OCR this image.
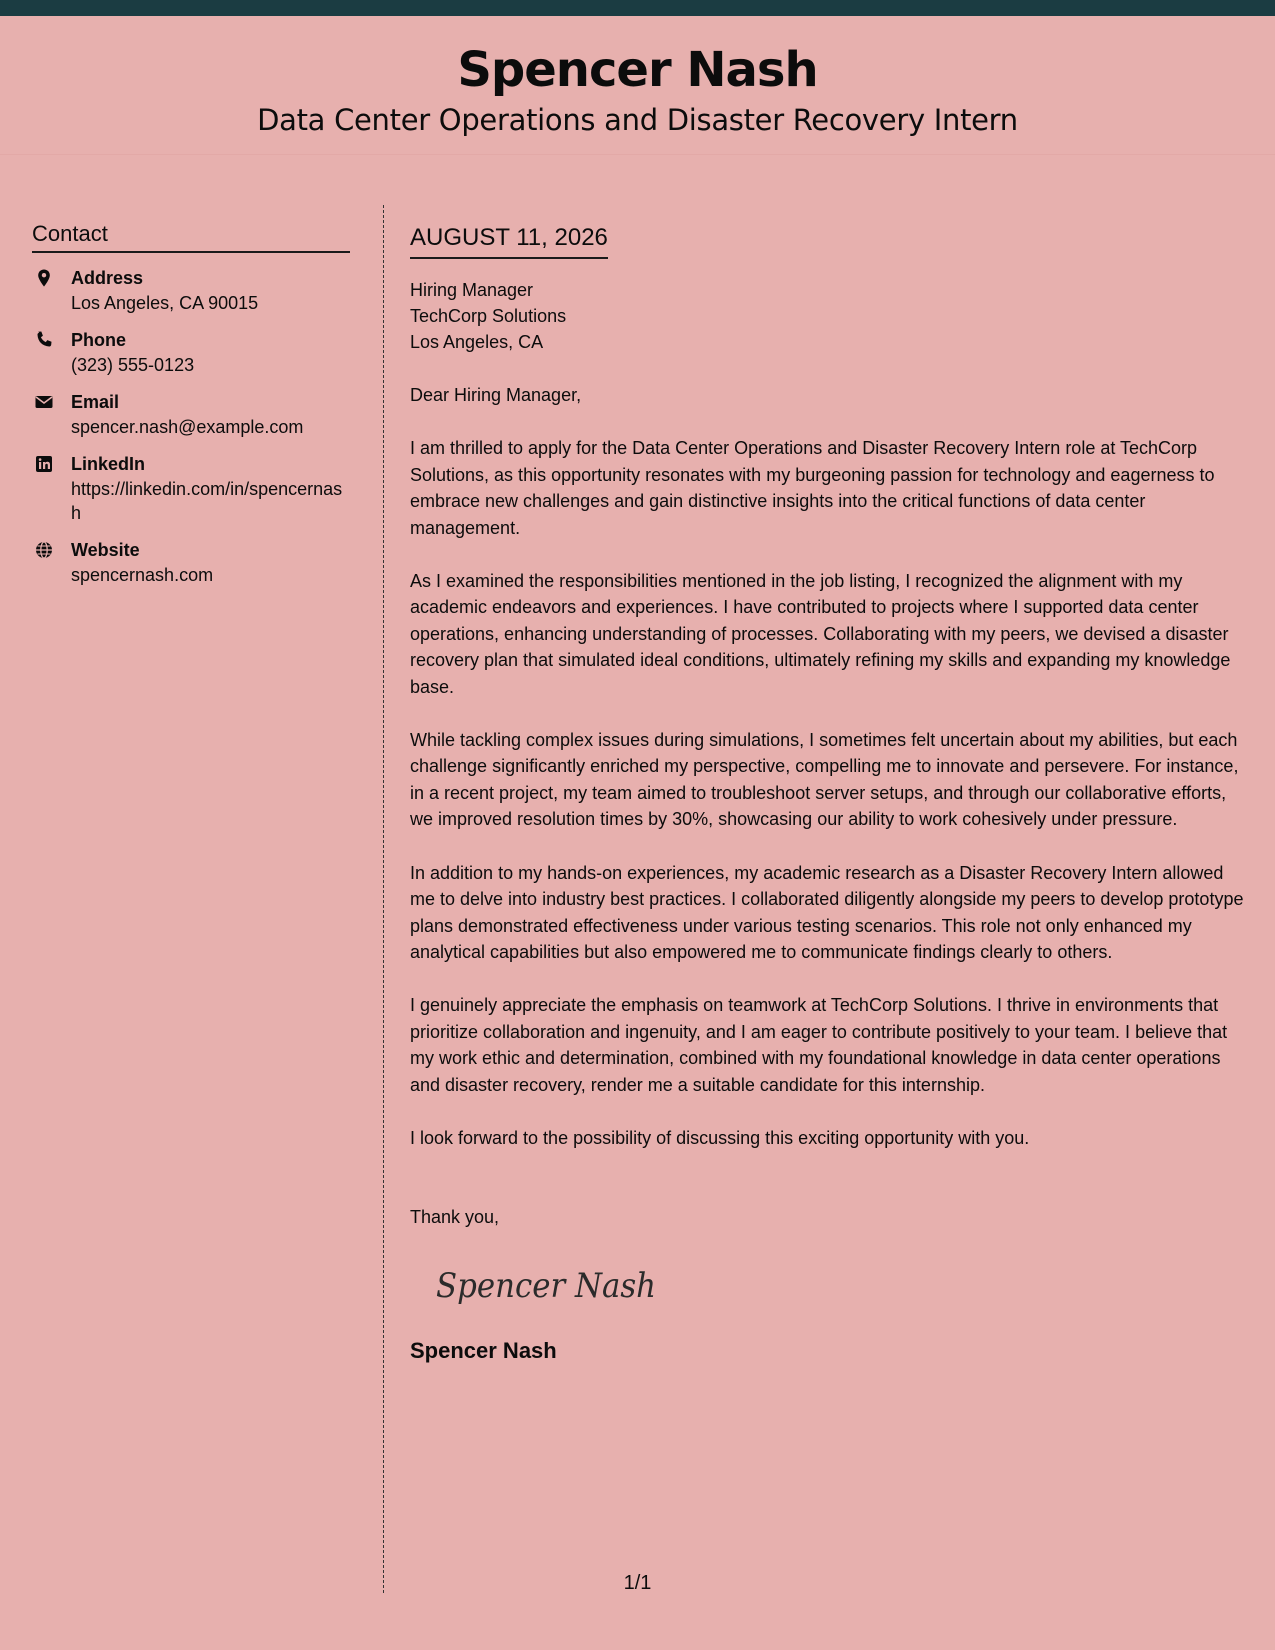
Spencer Nash
Data Center Operations and Disaster Recovery Intern
Contact
Address
Los Angeles, CA 90015
Phone
(323) 555-0123
Email
spencer.nash@example.com
LinkedIn
https://linkedin.com/in/spencernash
Website
spencernash.com
AUGUST 11, 2026
Hiring Manager
TechCorp Solutions
Los Angeles, CA
Dear Hiring Manager,

I am thrilled to apply for the Data Center Operations and Disaster Recovery Intern role at TechCorp Solutions, as this opportunity resonates with my burgeoning passion for technology and eagerness to embrace new challenges and gain distinctive insights into the critical functions of data center management.

As I examined the responsibilities mentioned in the job listing, I recognized the alignment with my academic endeavors and experiences. I have contributed to projects where I supported data center operations, enhancing understanding of processes. Collaborating with my peers, we devised a disaster recovery plan that simulated ideal conditions, ultimately refining my skills and expanding my knowledge base.

While tackling complex issues during simulations, I sometimes felt uncertain about my abilities, but each challenge significantly enriched my perspective, compelling me to innovate and persevere. For instance, in a recent project, my team aimed to troubleshoot server setups, and through our collaborative efforts, we improved resolution times by 30%, showcasing our ability to work cohesively under pressure.

In addition to my hands-on experiences, my academic research as a Disaster Recovery Intern allowed me to delve into industry best practices. I collaborated diligently alongside my peers to develop prototype plans demonstrated effectiveness under various testing scenarios. This role not only enhanced my analytical capabilities but also empowered me to communicate findings clearly to others.

I genuinely appreciate the emphasis on teamwork at TechCorp Solutions. I thrive in environments that prioritize collaboration and ingenuity, and I am eager to contribute positively to your team. I believe that my work ethic and determination, combined with my foundational knowledge in data center operations and disaster recovery, render me a suitable candidate for this internship.

I look forward to the possibility of discussing this exciting opportunity with you.

Thank you,
Spencer Nash
Spencer Nash
1/1
